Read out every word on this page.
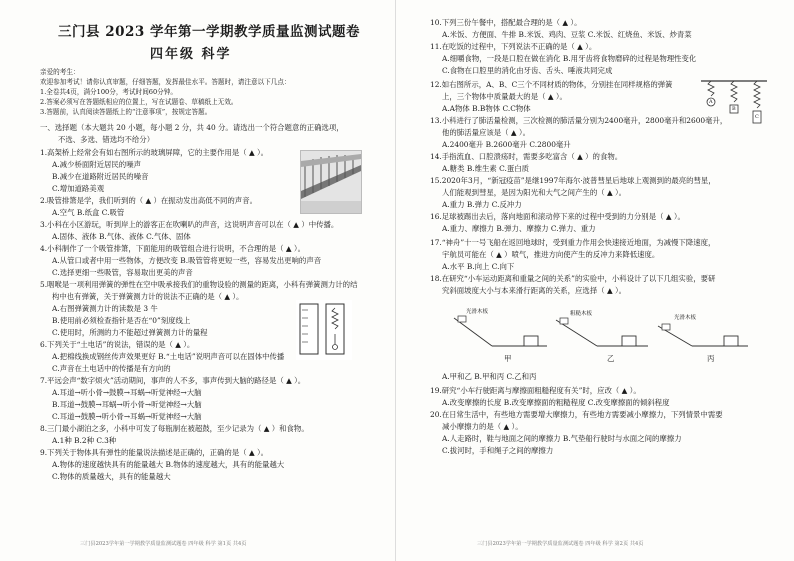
三门县 2023 学年第一学期教学质量监测试题卷
四年级 科学
亲爱的考生：
欢迎参加考试！请你认真审题，仔细答题，发挥最佳水平。答题时，请注意以下几点：
1.全卷共4页，满分100分，考试时间60分钟。
2.答案必须写在答题纸相应的位置上，写在试题卷、草稿纸上无效。
3.答题前，认真阅读答题纸上的“注意事项”，按规定答题。
一、选择题（本大题共 20 小题，每小题 2 分，共 40 分。请选出一个符合题意的正确选项，
不选、多选、错选均不给分）
1.高架桥上经常会有如右图所示的玻璃屏障，它的主要作用是（ ▲ ）。
A.减少桥面附近居民的噪声
B.减少在道路附近居民的噪音
C.增加道路美观
2.吸管排箫是学，我们听到的（ ▲ ）在振动发出高低不同的声音。
A.空气 B.纸盒 C.吸管
3.小科在小区游玩，听到岸上的游客正在吹喇叭的声音，这说明声音可以在（ ▲ ）中传播。
A.固体、液体 B.气体、液体 C.气体、固体
4.小科制作了一个吸管排箫，下面能用的吸管组合进行说明，不合理的是（ ▲ ）。
A.从管口或者中用一些物体，方便改变 B.吸管管将更短一些，容易发出更响的声音
C.选择更细一些吸管，容易取出更美的声音
5.咽喉是一项利用弹簧的弹性在空中吸承接我们的重物设验的测量的距离，小科有弹簧测力计的结
构中也有弹簧，关于弹簧测力计的说法不正确的是（ ▲ ）。
A.右图弹簧测力计的读数是 3 牛
B.使用前必须检查指针是否在“0”刻度线上
C.使用时，所测的力不能超过弹簧测力计的量程
6.下列关于“土电话”的说法，错误的是（ ▲ ）。
A.把棉线换成钢丝传声效果更好 B.“土电话”说明声音可以在固体中传播
C.声音在土电话中的传播是有方向的
7.平远会声“数字烦火”活动期间，事声的人不多，事声传到大脑的路径是（ ▲ ）。
A.耳道→听小骨→鼓膜→耳蜗→听觉神经→大脑
B.耳道→鼓膜→耳蜗→听小骨→听觉神经→大脑
C.耳道→鼓膜→听小骨→耳蜗→听觉神经→大脑
8.三门最小湖泊之多，小科中可发了每瓶制在被超鼓，至少记录为（ ▲ ）和食物。
A.1种 B.2种 C.3种
9.下列关于物体具有弹性的能量说法描述是正确的，正确的是（ ▲ ）。
A.物体的速度越快具有的能量越大 B.物体的速度越大，具有的能量越大
C.物体的质量越大，具有的能量越大
三门县2023学年第一学期教学质量监测试题卷 四年级 科学 第1页 共4页
10.下列三份午餐中，搭配最合理的是（ ▲ ）。
A.米饭、方便面、牛排 B.米饭、鸡肉、豆浆 C.米饭、红烧鱼、米饭、炒青菜
11.在吃饭的过程中，下列说法不正确的是（ ▲ ）。
A.细嚼食物，一段是口腔在做在消化 B.用牙齿将食物磨碎的过程是物理性变化
C.食物在口腔里的消化由牙齿、舌头、唾液共同完成
12.如右图所示，A、B、C三个不同材质的物体，分别挂在同样规格的弹簧
上，三个物体中质量最大的是（ ▲ ）。
A.A物体 B.B物体 C.C物体
13.小科进行了肺活量检测，三次检测的肺活量分别为2400毫升，2800毫升和2600毫升，
他的肺活量应该是（ ▲ ）。
A.2400毫升 B.2600毫升 C.2800毫升
14.手指流血、口腔溃疡时，需要多吃富含（ ▲ ）的食物。
A.糖类 B.维生素 C.蛋白质
15.2020年3月，“新冠疫苗”是继1997年海尔·波普彗星后地球上观测到的最亮的彗星，
人们能观到彗星，是因为阳光和大气之间产生的（ ▲ ）。
A.重力 B.弹力 C.反冲力
16.足球被踢出去后，落向地面和滚动停下来的过程中受到的力分别是（ ▲ ）。
A.重力、摩擦力 B.弹力、摩擦力 C.弹力、重力
17.“神舟”十一号飞船在返回地球时，受到重力作用会快速接近地面，为减慢下降速度，
宇航员可能在（ ▲ ）喷气，推进方向使产生的反冲力来降低速度。
A.水平 B.向上 C.向下
18.在研究“小车运动距离和重量之间的关系”的实验中，小科设计了以下几组实验，要研
究斜面坡度大小与本来滑行距离的关系，应选择（ ▲ ）。
光滑木板	粗糙木板
光滑木板
甲	乙	丙
A.甲和乙 B.甲和丙 C.乙和丙
19.研究“小车行驶距离与摩擦面粗糙程度有关”时，应改（ ▲ ）。
A.改变摩擦的长度 B.改变摩擦面的粗糙程度 C.改变摩擦面的倾斜程度
20.在日常生活中，有些地方需要增大摩擦力，有些地方需要减小摩擦力，下列情景中需要
减小摩擦力的是（ ▲ ）。
A.人走路时，鞋与地面之间的摩擦力 B.气垫船行驶时与水面之间的摩擦力
C.拔河时，手和绳子之间的摩擦力
A
B
C
三门县2023学年第一学期教学质量监测试题卷 四年级 科学 第2页 共4页
